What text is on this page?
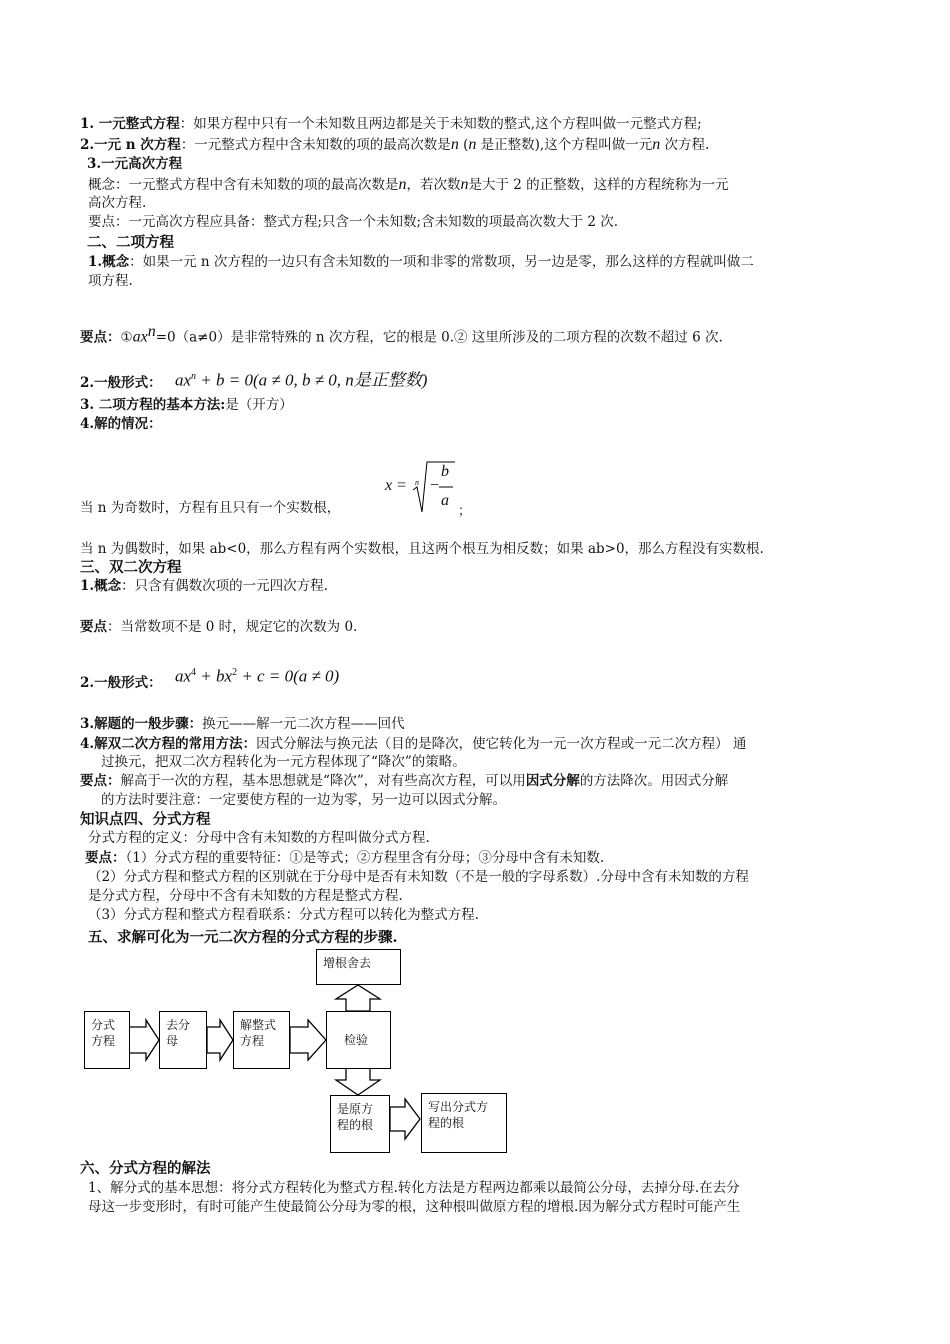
1. 一元整式方程：如果方程中只有一个未知数且两边都是关于未知数的整式,这个方程叫做一元整式方程;
2.一元 n 次方程：一元整式方程中含未知数的项的最高次数是n (n 是正整数),这个方程叫做一元n 次方程.
3.一元高次方程
概念：一元整式方程中含有未知数的项的最高次数是n，若次数n是大于 2 的正整数，这样的方程统称为一元
高次方程.
要点：一元高次方程应具备：整式方程;只含一个未知数;含未知数的项最高次数大于 2 次.
二、二项方程
1.概念：如果一元 n 次方程的一边只有含未知数的一项和非零的常数项，另一边是零，那么这样的方程就叫做二
项方程.
要点：$①ax^n=0(a\ne 0)$是非常特殊的 n 次方程，它的根是 0.② 这里所涉及的二项方程的次数不超过 6 次.
2.一般形式： $ax^n + b = 0(a \ne 0$, b ≠ 0, n是正整数)
3. 二项方程的基本方法:是（开方）
4.解的情况：
当 n 为奇数时，方程有且只有一个实数根，
x = n −
b
a
；
当 n 为偶数时，如果 ab<0，那么方程有两个实数根，且这两个根互为相反数；如果 ab>0，那么方程没有实数根.
三、双二次方程
1.概念：只含有偶数次项的一元四次方程.
要点：当常数项不是 0 时，规定它的次数为 0.
2.一般形式： $ax^4 + bx^2 + c = 0(a \ne 0)$
3.解题的一般步骤：换元——解一元二次方程——回代
4.解双二次方程的常用方法：因式分解法与换元法（目的是降次，使它转化为一元一次方程或一元二次方程） 通
过换元，把双二次方程转化为一元方程体现了“降次”的策略。
要点：解高于一次的方程，基本思想就是“降次”，对有些高次方程，可以用因式分解的方法降次。用因式分解
的方法时要注意：一定要使方程的一边为零，另一边可以因式分解。
知识点四、分式方程
分式方程的定义：分母中含有未知数的方程叫做分式方程.
要点：（1）分式方程的重要特征：①是等式；②方程里含有分母；③分母中含有未知数.
（2）分式方程和整式方程的区别就在于分母中是否有未知数（不是一般的字母系数）.分母中含有未知数的方程
是分式方程，分母中不含有未知数的方程是整式方程.
（3）分式方程和整式方程看联系：分式方程可以转化为整式方程.
五、求解可化为一元二次方程的分式方程的步骤.
增根舍去
分式
方程
去分
母
解整式
方程	检验
是原方
程的根
写出分式方
程的根
六、分式方程的解法
1、解分式的基本思想：将分式方程转化为整式方程.转化方法是方程两边都乘以最简公分母，去掉分母.在去分
母这一步变形时，有时可能产生使最简公分母为零的根，这种根叫做原方程的增根.因为解分式方程时可能产生
